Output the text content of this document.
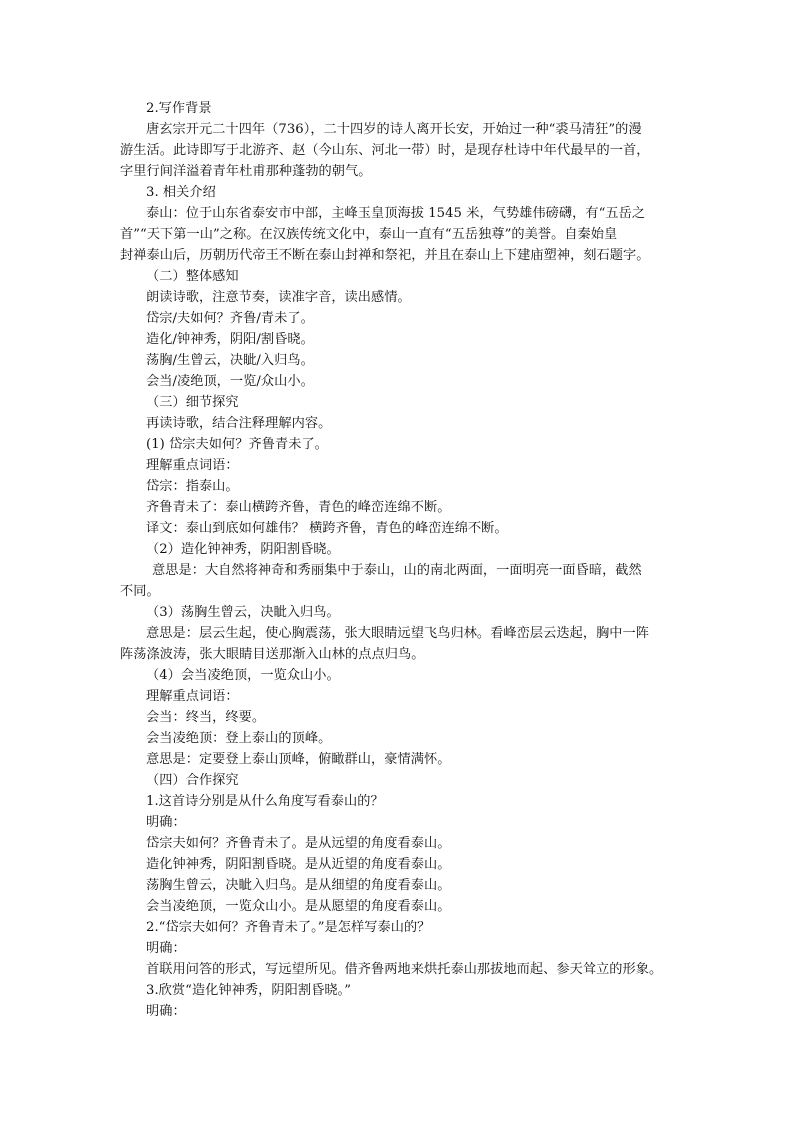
2.写作背景
唐玄宗开元二十四年（736），二十四岁的诗人离开长安，开始过一种“裘马清狂”的漫
游生活。此诗即写于北游齐、赵（今山东、河北一带）时，是现存杜诗中年代最早的一首，
字里行间洋溢着青年杜甫那种蓬勃的朝气。
3. 相关介绍
泰山：位于山东省泰安市中部，主峰玉皇顶海拔 1545 米，气势雄伟磅礴，有“五岳之
首”“天下第一山”之称。在汉族传统文化中，泰山一直有“五岳独尊”的美誉。自秦始皇
封禅泰山后，历朝历代帝王不断在泰山封禅和祭祀，并且在泰山上下建庙塑神，刻石题字。
（二）整体感知
朗读诗歌，注意节奏，读准字音，读出感情。
岱宗/夫如何？齐鲁/青未了。
造化/钟神秀，阴阳/割昏晓。
荡胸/生曾云，决眦/入归鸟。
会当/凌绝顶，一览/众山小。
（三）细节探究
再读诗歌，结合注释理解内容。
(1) 岱宗夫如何？齐鲁青未了。
理解重点词语：
岱宗：指泰山。
齐鲁青未了：泰山横跨齐鲁，青色的峰峦连绵不断。
译文：泰山到底如何雄伟？ 横跨齐鲁，青色的峰峦连绵不断。
（2）造化钟神秀，阴阳割昏晓。
意思是：大自然将神奇和秀丽集中于泰山，山的南北两面，一面明亮一面昏暗，截然
不同。
（3）荡胸生曾云，决眦入归鸟。
意思是：层云生起，使心胸震荡，张大眼睛远望飞鸟归林。看峰峦层云迭起，胸中一阵
阵荡涤波涛，张大眼睛目送那渐入山林的点点归鸟。
（4）会当凌绝顶，一览众山小。
理解重点词语：
会当：终当，终要。
会当凌绝顶：登上泰山的顶峰。
意思是：定要登上泰山顶峰，俯瞰群山，豪情满怀。
（四）合作探究
1.这首诗分别是从什么角度写看泰山的？
明确：
岱宗夫如何？齐鲁青未了。是从远望的角度看泰山。
造化钟神秀，阴阳割昏晓。是从近望的角度看泰山。
荡胸生曾云，决眦入归鸟。是从细望的角度看泰山。
会当凌绝顶，一览众山小。是从愿望的角度看泰山。
2.“岱宗夫如何？齐鲁青未了。”是怎样写泰山的？
明确：
首联用问答的形式，写远望所见。借齐鲁两地来烘托泰山那拔地而起、参天耸立的形象。
3.欣赏“造化钟神秀，阴阳割昏晓。”
明确：
